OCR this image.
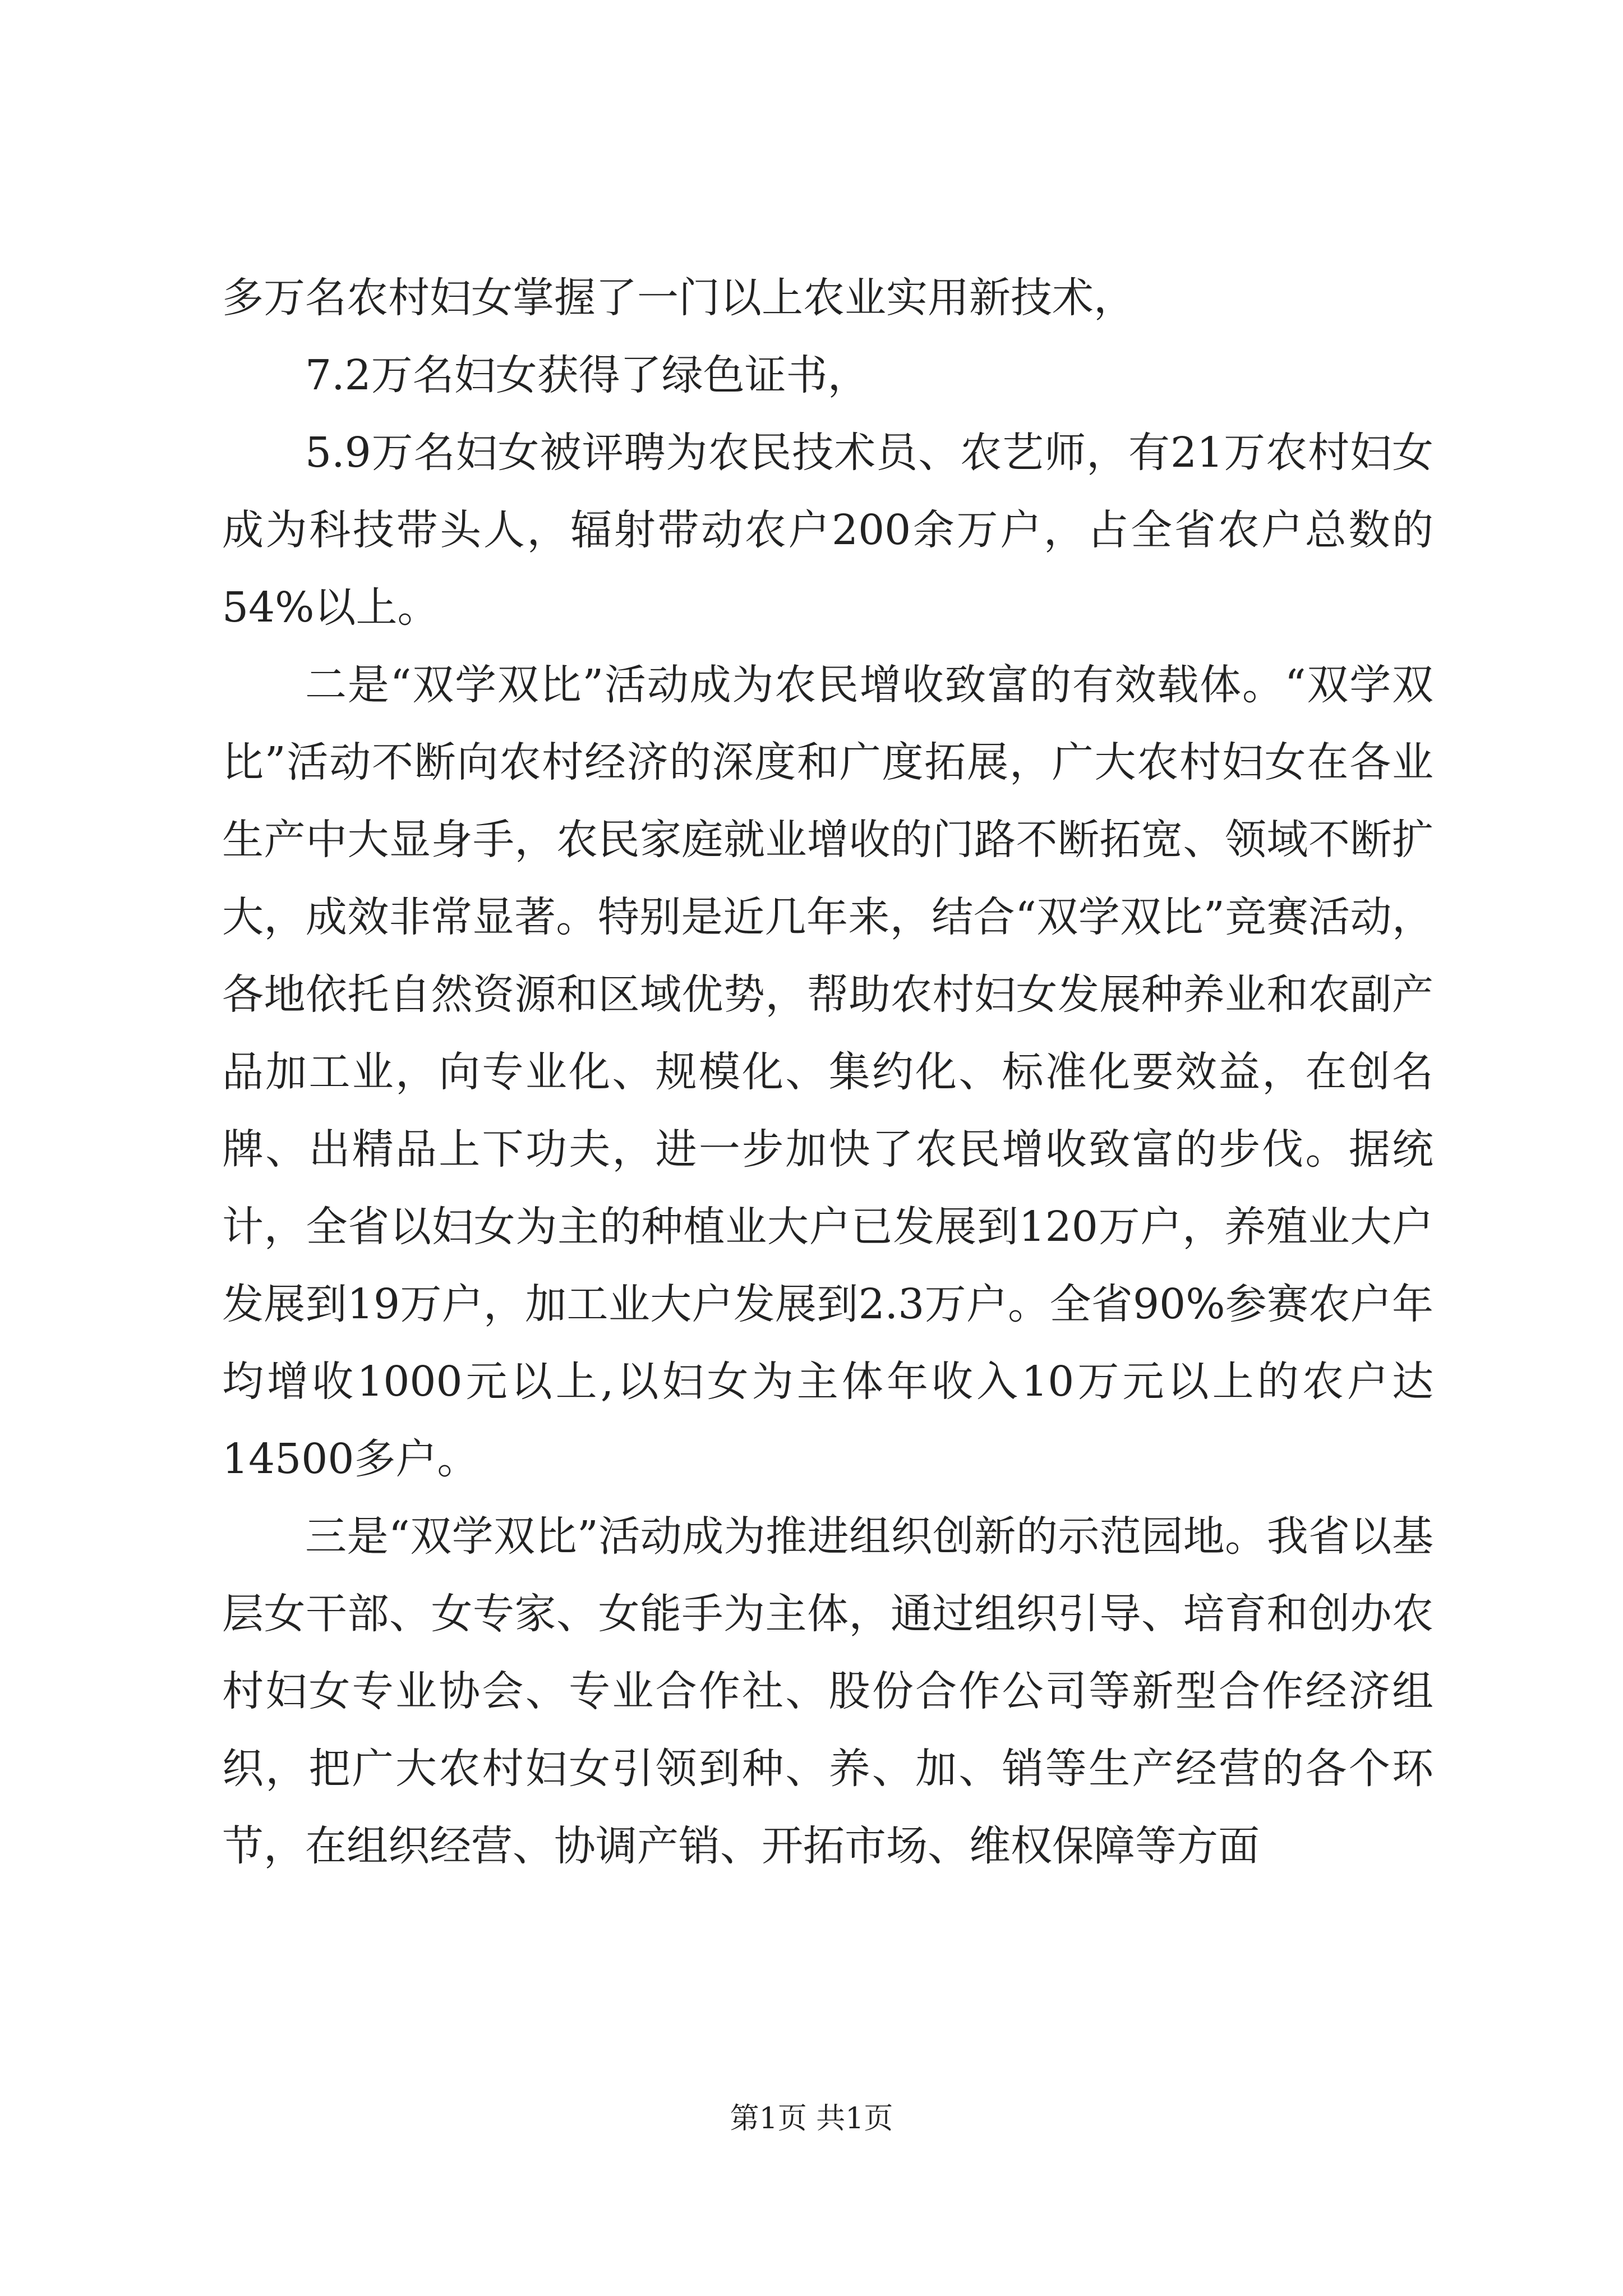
多万名农村妇女掌握了一门以上农业实用新技术，

7.2万名妇女获得了绿色证书，

5.9万名妇女被评聘为农民技术员、农艺师，有21万农村妇女成为科技带头人，辐射带动农户200余万户，占全省农户总数的54%以上。

二是“双学双比”活动成为农民增收致富的有效载体。“双学双比”活动不断向农村经济的深度和广度拓展，广大农村妇女在各业生产中大显身手，农民家庭就业增收的门路不断拓宽、领域不断扩大，成效非常显著。特别是近几年来，结合“双学双比”竞赛活动，各地依托自然资源和区域优势，帮助农村妇女发展种养业和农副产品加工业，向专业化、规模化、集约化、标准化要效益，在创名牌、出精品上下功夫，进一步加快了农民增收致富的步伐。据统计，全省以妇女为主的种植业大户已发展到120万户，养殖业大户发展到19万户，加工业大户发展到2.3万户。全省90%参赛农户年均增收1000元以上,以妇女为主体年收入10万元以上的农户达14500多户。

三是“双学双比”活动成为推进组织创新的示范园地。我省以基层女干部、女专家、女能手为主体，通过组织引导、培育和创办农村妇女专业协会、专业合作社、股份合作公司等新型合作经济组织，把广大农村妇女引领到种、养、加、销等生产经营的各个环节，在组织经营、协调产销、开拓市场、维权保障等方面

第1页 共1页
